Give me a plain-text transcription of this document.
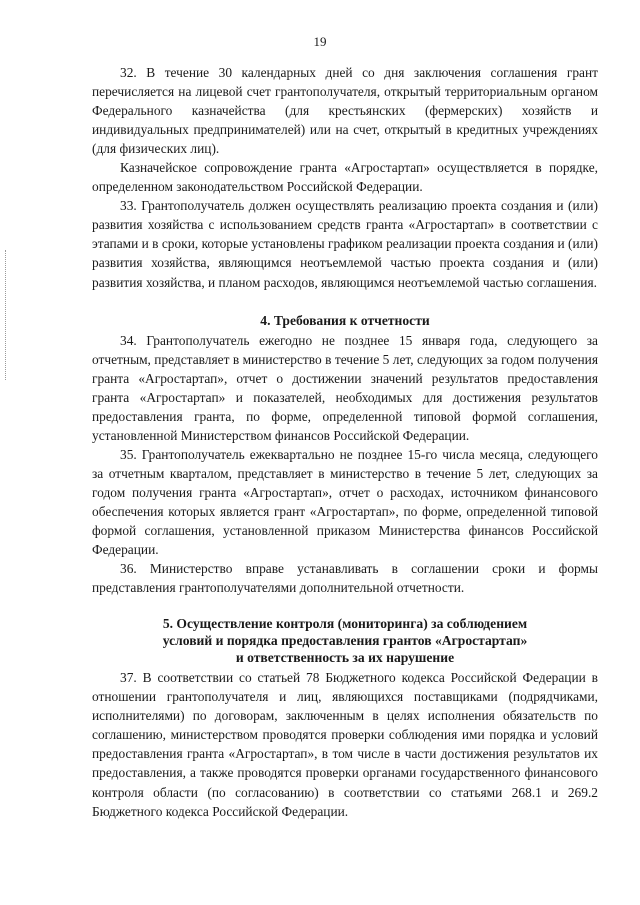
19

32. В течение 30 календарных дней со дня заключения соглашения грант перечисляется на лицевой счет грантополучателя, открытый территориальным органом Федерального казначейства (для крестьянских (фермерских) хозяйств и индивидуальных предпринимателей) или на счет, открытый в кредитных учреждениях (для физических лиц).

Казначейское сопровождение гранта «Агростартап» осуществляется в порядке, определенном законодательством Российской Федерации.

33. Грантополучатель должен осуществлять реализацию проекта создания и (или) развития хозяйства с использованием средств гранта «Агростартап» в соответствии с этапами и в сроки, которые установлены графиком реализации проекта создания и (или) развития хозяйства, являющимся неотъемлемой частью проекта создания и (или) развития хозяйства, и планом расходов, являющимся неотъемлемой частью соглашения.

4. Требования к отчетности

34. Грантополучатель ежегодно не позднее 15 января года, следующего за отчетным, представляет в министерство в течение 5 лет, следующих за годом получения гранта «Агростартап», отчет о достижении значений результатов предоставления гранта «Агростартап» и показателей, необходимых для достижения результатов предоставления гранта, по форме, определенной типовой формой соглашения, установленной Министерством финансов Российской Федерации.

35. Грантополучатель ежеквартально не позднее 15-го числа месяца, следующего за отчетным кварталом, представляет в министерство в течение 5 лет, следующих за годом получения гранта «Агростартап», отчет о расходах, источником финансового обеспечения которых является грант «Агростартап», по форме, определенной типовой формой соглашения, установленной приказом Министерства финансов Российской Федерации.

36. Министерство вправе устанавливать в соглашении сроки и формы представления грантополучателями дополнительной отчетности.

5. Осуществление контроля (мониторинга) за соблюдением
условий и порядка предоставления грантов «Агростартап»
и ответственность за их нарушение

37. В соответствии со статьей 78 Бюджетного кодекса Российской Федерации в отношении грантополучателя и лиц, являющихся поставщиками (подрядчиками, исполнителями) по договорам, заключенным в целях исполнения обязательств по соглашению, министерством проводятся проверки соблюдения ими порядка и условий предоставления гранта «Агростартап», в том числе в части достижения результатов их предоставления, а также проводятся проверки органами государственного финансового контроля области (по согласованию) в соответствии со статьями 268.1 и 269.2 Бюджетного кодекса Российской Федерации.
